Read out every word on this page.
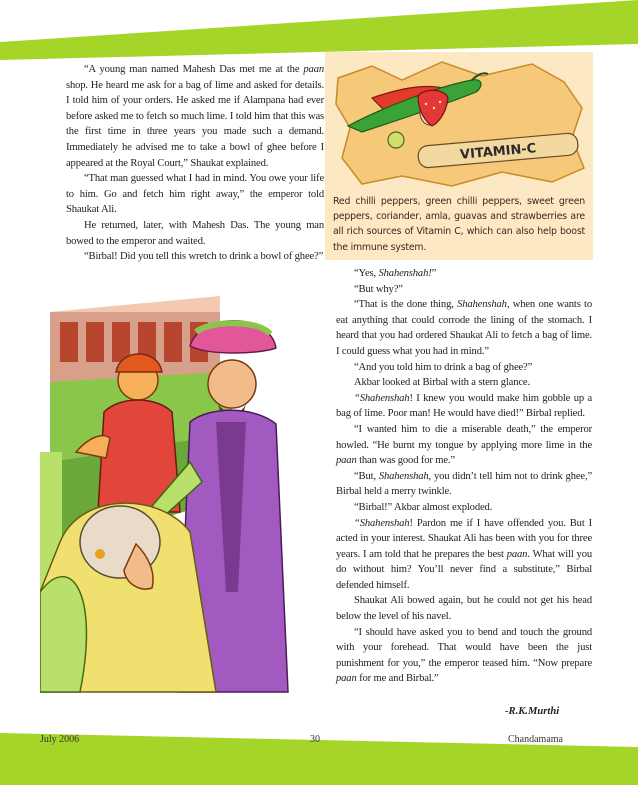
“A young man named Mahesh Das met me at the paan shop. He heard me ask for a bag of lime and asked for details. I told him of your orders. He asked me if Alampana had ever before asked me to fetch so much lime. I told him that this was the first time in three years you made such a demand. Immediately he advised me to take a bowl of ghee before I appeared at the Royal Court,” Shaukat explained.

“That man guessed what I had in mind. You owe your life to him. Go and fetch him right away,” the emperor told Shaukat Ali.

He returned, later, with Mahesh Das. The young man bowed to the emperor and waited.

“Birbal! Did you tell this wretch to drink a bowl of ghee?”

VITAMIN-C
Red chilli peppers, green chilli peppers, sweet green peppers, coriander, amla, guavas and strawberries are all rich sources of Vitamin C, which can also help boost the immune system.

“Yes, Shahenshah!”

“But why?”

“That is the done thing, Shahenshah, when one wants to eat anything that could corrode the lining of the stomach. I heard that you had ordered Shaukat Ali to fetch a bag of lime. I could guess what you had in mind.”

“And you told him to drink a bag of ghee?”

Akbar looked at Birbal with a stern glance.

“Shahenshah! I knew you would make him gobble up a bag of lime. Poor man! He would have died!” Birbal replied.

“I wanted him to die a miserable death,” the emperor howled. “He burnt my tongue by applying more lime in the paan than was good for me.”

“But, Shahenshah, you didn’t tell him not to drink ghee,” Birbal held a merry twinkle.

“Birbal!” Akbar almost exploded.

“Shahenshah! Pardon me if I have offended you. But I acted in your interest. Shaukat Ali has been with you for three years. I am told that he prepares the best paan. What will you do without him? You’ll never find a substitute,” Birbal defended himself.

Shaukat Ali bowed again, but he could not get his head below the level of his navel.

“I should have asked you to bend and touch the ground with your forehead. That would have been the just punishment for you,” the emperor teased him. “Now prepare paan for me and Birbal.”

-R.K.Murthi
July 2006	30	Chandamama
